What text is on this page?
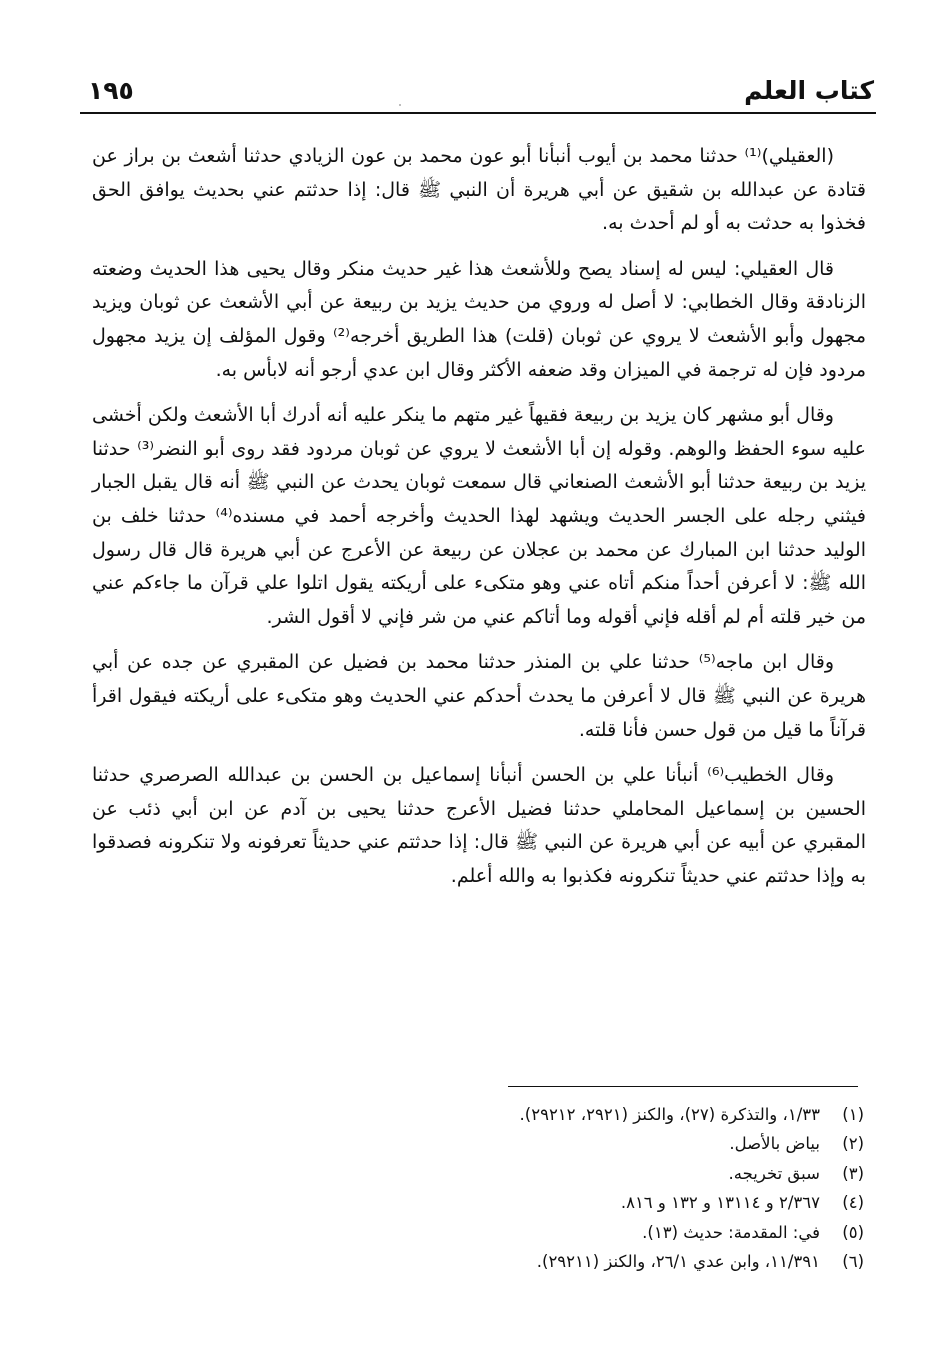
كتاب العلم
١٩٥

(العقيلي)⁽¹⁾ حدثنا محمد بن أيوب أنبأنا أبو عون محمد بن عون الزيادي حدثنا أشعث بن براز عن قتادة عن عبدالله بن شقيق عن أبي هريرة أن النبي ﷺ قال: إذا حدثتم عني بحديث يوافق الحق فخذوا به حدثت به أو لم أحدث به.

قال العقيلي: ليس له إسناد يصح وللأشعث هذا غير حديث منكر وقال يحيى هذا الحديث وضعته الزنادقة وقال الخطابي: لا أصل له وروي من حديث يزيد بن ربيعة عن أبي الأشعث عن ثوبان ويزيد مجهول وأبو الأشعث لا يروي عن ثوبان (قلت) هذا الطريق أخرجه⁽²⁾ وقول المؤلف إن يزيد مجهول مردود فإن له ترجمة في الميزان وقد ضعفه الأكثر وقال ابن عدي أرجو أنه لابأس به.

وقال أبو مشهر كان يزيد بن ربيعة فقيهاً غير متهم ما ينكر عليه أنه أدرك أبا الأشعث ولكن أخشى عليه سوء الحفظ والوهم. وقوله إن أبا الأشعث لا يروي عن ثوبان مردود فقد روى أبو النضر⁽³⁾ حدثنا يزيد بن ربيعة حدثنا أبو الأشعث الصنعاني قال سمعت ثوبان يحدث عن النبي ﷺ أنه قال يقبل الجبار فيثني رجله على الجسر الحديث ويشهد لهذا الحديث وأخرجه أحمد في مسنده⁽⁴⁾ حدثنا خلف بن الوليد حدثنا ابن المبارك عن محمد بن عجلان عن ربيعة عن الأعرج عن أبي هريرة قال قال رسول الله ﷺ: لا أعرفن أحداً منكم أتاه عني وهو متكىء على أريكته يقول اتلوا علي قرآن ما جاءكم عني من خير قلته أم لم أقله فإني أقوله وما أتاكم عني من شر فإني لا أقول الشر.

وقال ابن ماجه⁽⁵⁾ حدثنا علي بن المنذر حدثنا محمد بن فضيل عن المقبري عن جده عن أبي هريرة عن النبي ﷺ قال لا أعرفن ما يحدث أحدكم عني الحديث وهو متكىء على أريكته فيقول اقرأ قرآناً ما قيل من قول حسن فأنا قلته.

وقال الخطيب⁽⁶⁾ أنبأنا علي بن الحسن أنبأنا إسماعيل بن الحسن بن عبدالله الصرصري حدثنا الحسين بن إسماعيل المحاملي حدثنا فضيل الأعرج حدثنا يحيى بن آدم عن ابن أبي ذئب عن المقبري عن أبيه عن أبي هريرة عن النبي ﷺ قال: إذا حدثتم عني حديثاً تعرفونه ولا تنكرونه فصدقوا به وإذا حدثتم عني حديثاً تنكرونه فكذبوا به والله أعلم.

(١)
١/٣٣، والتذكرة (٢٧)، والكنز (٢٩٢١، ٢٩٢١٢).
(٢)
بياض بالأصل.
(٣)
سبق تخريجه.
(٤)
٢/٣٦٧ و ١٣١١٤ و ١٣٢ و ٨١٦.
(٥)
في: المقدمة: حديث (١٣).
(٦)
١١/٣٩١، وابن عدي ٢٦/١، والكنز (٢٩٢١١).
